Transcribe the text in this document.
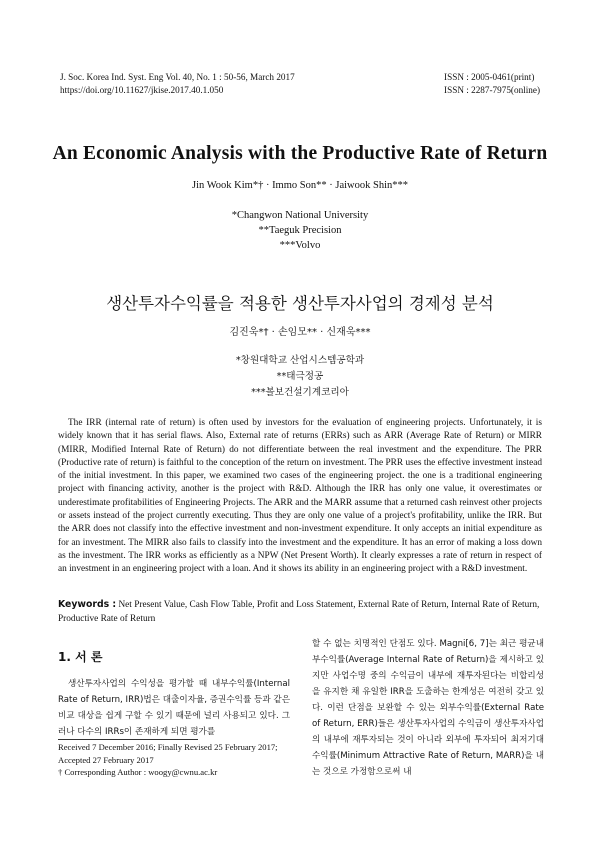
J. Soc. Korea Ind. Syst. Eng Vol. 40, No. 1 : 50-56, March 2017
https://doi.org/10.11627/jkise.2017.40.1.050
ISSN : 2005-0461(print)
ISSN : 2287-7975(online)
An Economic Analysis with the Productive Rate of Return
Jin Wook Kim*† · Immo Son** · Jaiwook Shin***
*Changwon National University
**Taeguk Precision
***Volvo
생산투자수익률을 적용한 생산투자사업의 경제성 분석
김진욱*† · 손임모** · 신재욱***
*창원대학교 산업시스템공학과
**태극정공
***볼보건설기계코리아

The IRR (internal rate of return) is often used by investors for the evaluation of engineering projects. Unfortunately, it is widely known that it has serial flaws. Also, External rate of returns (ERRs) such as ARR (Average Rate of Return) or MIRR (MIRR, Modified Internal Rate of Return) do not differentiate between the real investment and the expenditure. The PRR (Productive rate of return) is faithful to the conception of the return on investment. The PRR uses the effective investment instead of the initial investment. In this paper, we examined two cases of the engineering project. the one is a traditional engineering project with financing activity, another is the project with R&D. Although the IRR has only one value, it overestimates or underestimate profitabilities of Engineering Projects. The ARR and the MARR assume that a returned cash reinvest other projects or assets instead of the project currently executing. Thus they are only one value of a project's profitability, unlike the IRR. But the ARR does not classify into the effective investment and non-investment expenditure. It only accepts an initial expenditure as for an investment. The MIRR also fails to classify into the investment and the expenditure. It has an error of making a loss down as the investment. The IRR works as efficiently as a NPW (Net Present Worth). It clearly expresses a rate of return in respect of an investment in an engineering project with a loan. And it shows its ability in an engineering project with a R&D investment.

Keywords : Net Present Value, Cash Flow Table, Profit and Loss Statement, External Rate of Return, Internal Rate of Return, Productive Rate of Return
1. 서 론

생산투자사업의 수익성을 평가할 때 내부수익률(Internal Rate of Return, IRR)법은 대출이자율, 증권수익률 등과 같은 비교 대상을 쉽게 구할 수 있기 때문에 널리 사용되고 있다. 그러나 다수의 IRRs이 존재하게 되면 평가를

할 수 없는 치명적인 단점도 있다. Magni[6, 7]는 최근 평균내부수익률(Average Internal Rate of Return)을 제시하고 있지만 사업수명 중의 수익금이 내부에 재투자된다는 비합리성을 유지한 채 유일한 IRR을 도출하는 한계성은 여전히 갖고 있다. 이런 단점을 보완할 수 있는 외부수익률(External Rate of Return, ERR)들은 생산투자사업의 수익금이 생산투자사업의 내부에 재투자되는 것이 아니라 외부에 투자되어 최저기대수익률(Minimum Attractive Rate of Return, MARR)을 내는 것으로 가정함으로써 내

Received 7 December 2016; Finally Revised 25 February 2017;
Accepted 27 February 2017
† Corresponding Author : woogy@cwnu.ac.kr
